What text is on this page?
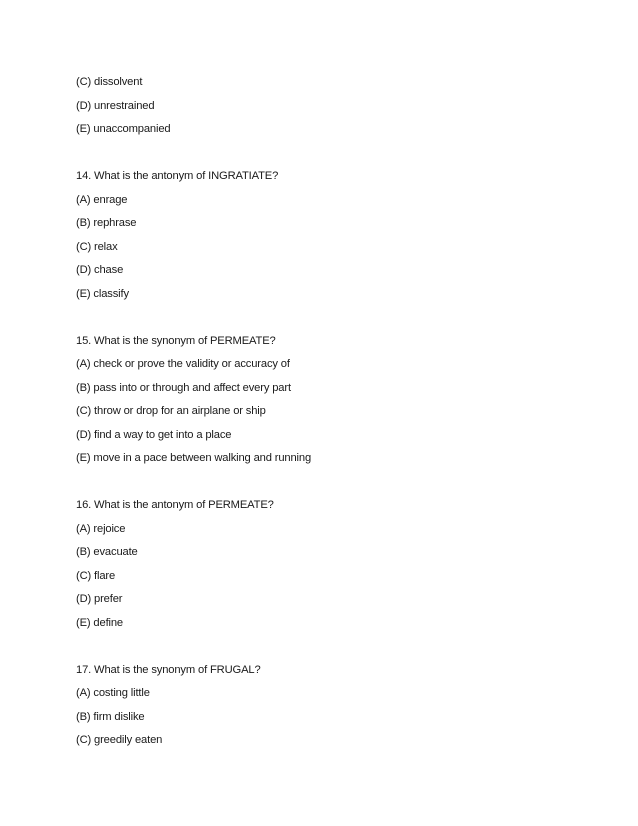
(C) dissolvent
(D) unrestrained
(E) unaccompanied
14. What is the antonym of INGRATIATE?
(A) enrage
(B) rephrase
(C) relax
(D) chase
(E) classify
15. What is the synonym of PERMEATE?
(A) check or prove the validity or accuracy of
(B) pass into or through and affect every part
(C) throw or drop for an airplane or ship
(D) find a way to get into a place
(E) move in a pace between walking and running
16. What is the antonym of PERMEATE?
(A) rejoice
(B) evacuate
(C) flare
(D) prefer
(E) define
17. What is the synonym of FRUGAL?
(A) costing little
(B) firm dislike
(C) greedily eaten
